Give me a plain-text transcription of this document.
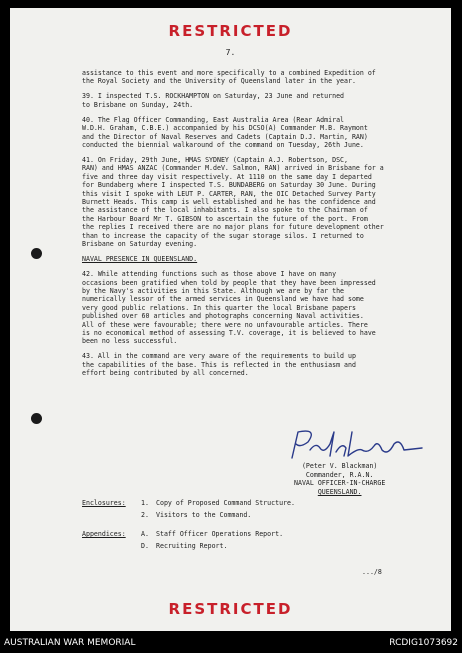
RESTRICTED
7.

assistance to this event and more specifically to a combined Expedition of
the Royal Society and the University of Queensland later in the year.

39. I inspected T.S. ROCKHAMPTON on Saturday, 23 June and returned
to Brisbane on Sunday, 24th.

40. The Flag Officer Commanding, East Australia Area (Rear Admiral
W.D.H. Graham, C.B.E.) accompanied by his DCSO(A) Commander M.B. Raymont
and the Director of Naval Reserves and Cadets (Captain D.J. Martin, RAN)
conducted the biennial walkaround of the command on Tuesday, 26th June.

41. On Friday, 29th June, HMAS SYDNEY (Captain A.J. Robertson, DSC,
RAN) and HMAS ANZAC (Commander M.deV. Salmon, RAN) arrived in Brisbane for a
five and three day visit respectively. At 1110 on the same day I departed
for Bundaberg where I inspected T.S. BUNDABERG on Saturday 30 June. During
this visit I spoke with LEUT P. CARTER, RAN, the OIC Detached Survey Party
Burnett Heads. This camp is well established and he has the confidence and
the assistance of the local inhabitants. I also spoke to the Chairman of
the Harbour Board Mr T. GIBSON to ascertain the future of the port. From
the replies I received there are no major plans for future development other
than to increase the capacity of the sugar storage silos. I returned to
Brisbane on Saturday evening.

NAVAL PRESENCE IN QUEENSLAND.

42. While attending functions such as those above I have on many
occasions been gratified when told by people that they have been impressed
by the Navy's activities in this State. Although we are by far the
numerically lessor of the armed services in Queensland we have had some
very good public relations. In this quarter the local Brisbane papers
published over 60 articles and photographs concerning Naval activities.
All of these were favourable; there were no unfavourable articles. There
is no economical method of assessing T.V. coverage, it is believed to have
been no less successful.

43. All in the command are very aware of the requirements to build up
the capabilities of the base. This is reflected in the enthusiasm and
effort being contributed by all concerned.

(Peter V. Blackman)
Commander, R.A.N.
NAVAL OFFICER-IN-CHARGE
QUEENSLAND.
Enclosures: 1. Copy of Proposed Command Structure.
2. Visitors to the Command.
Appendices: A. Staff Officer Operations Report.
D. Recruiting Report.
.../8
RESTRICTED
AUSTRALIAN WAR MEMORIAL	RCDIG1073692
